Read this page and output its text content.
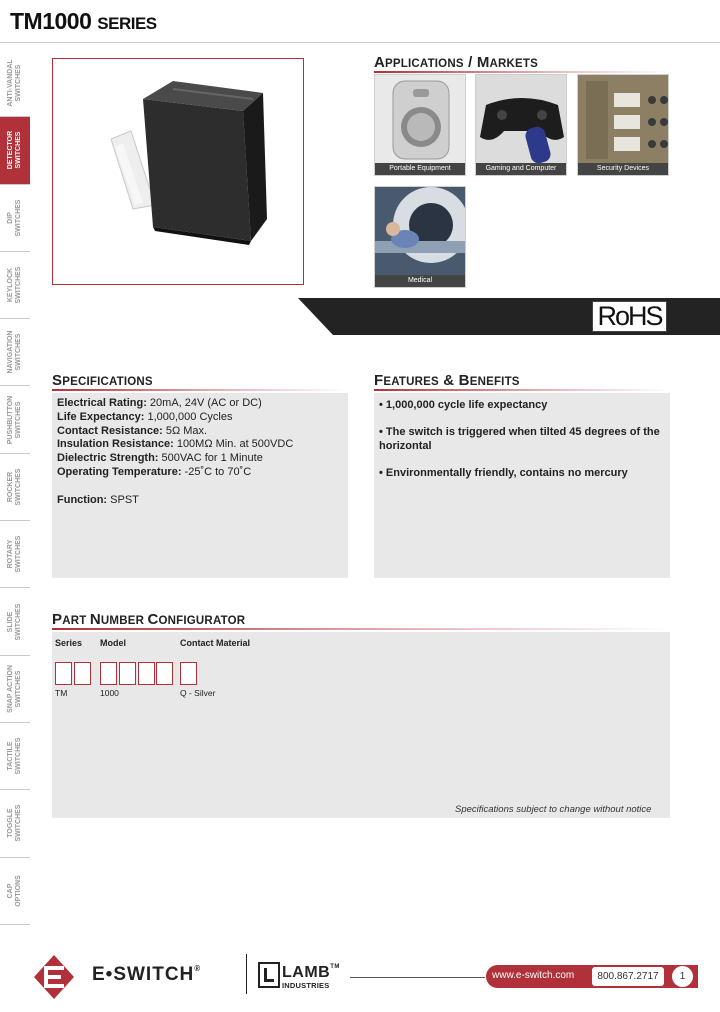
TM1000 SERIES
ANTI-VANDAL
SWITCHES
DETECTOR
SWITCHES
DIP
SWITCHES
KEYLOCK
SWITCHES
NAVIGATION
SWITCHES
PUSHBUTTON
SWITCHES
ROCKER
SWITCHES
ROTARY
SWITCHES
SLIDE
SWITCHES
SNAP ACTION
SWITCHES
TACTILE
SWITCHES
TOGGLE
SWITCHES
CAP
OPTIONS
APPLICATIONS / MARKETS
Portable Equipment	Gaming and Computer	Security Devices
Medical
RoHS
SPECIFICATIONS
Electrical Rating: 20mA, 24V (AC or DC)
Life Expectancy: 1,000,000 Cycles
Contact Resistance: 5Ω Max.
Insulation Resistance: 100MΩ Min. at 500VDC
Dielectric Strength: 500VAC for 1 Minute
Operating Temperature: -25˚C to 70˚C
Function: SPST
FEATURES & BENEFITS
• 1,000,000 cycle life expectancy
• The switch is triggered when tilted 45 degrees of the horizontal
• Environmentally friendly, contains no mercury
PART NUMBER CONFIGURATOR
Series Model	Contact Material
TM	1000	Q - Silver
Specifications subject to change without notice
E•SWITCH®	LAMB™
INDUSTRIES
www.e-switch.com	800.867.2717	1
